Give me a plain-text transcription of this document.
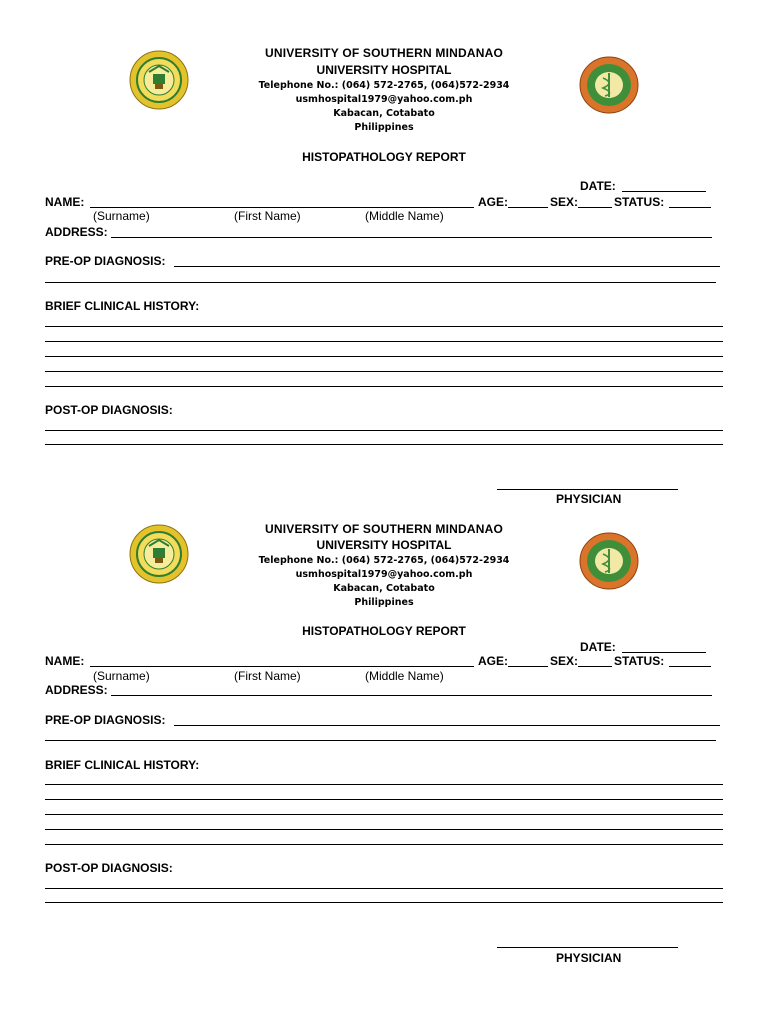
UNIVERSITY OF SOUTHERN MINDANAO
UNIVERSITY HOSPITAL
Telephone No.: (064) 572-2765, (064)572-2934
usmhospital1979@yahoo.com.ph
Kabacan, Cotabato
Philippines
HISTOPATHOLOGY REPORT
DATE:
NAME:	AGE:	SEX:	STATUS:
(Surname)	(First Name)	(Middle Name)
ADDRESS:
PRE-OP DIAGNOSIS:
BRIEF CLINICAL HISTORY:
POST-OP DIAGNOSIS:
PHYSICIAN
UNIVERSITY OF SOUTHERN MINDANAO
UNIVERSITY HOSPITAL
Telephone No.: (064) 572-2765, (064)572-2934
usmhospital1979@yahoo.com.ph
Kabacan, Cotabato
Philippines
HISTOPATHOLOGY REPORT
DATE:
NAME:	AGE:	SEX:	STATUS:
(Surname)	(First Name)	(Middle Name)
ADDRESS:
PRE-OP DIAGNOSIS:
BRIEF CLINICAL HISTORY:
POST-OP DIAGNOSIS:
PHYSICIAN
